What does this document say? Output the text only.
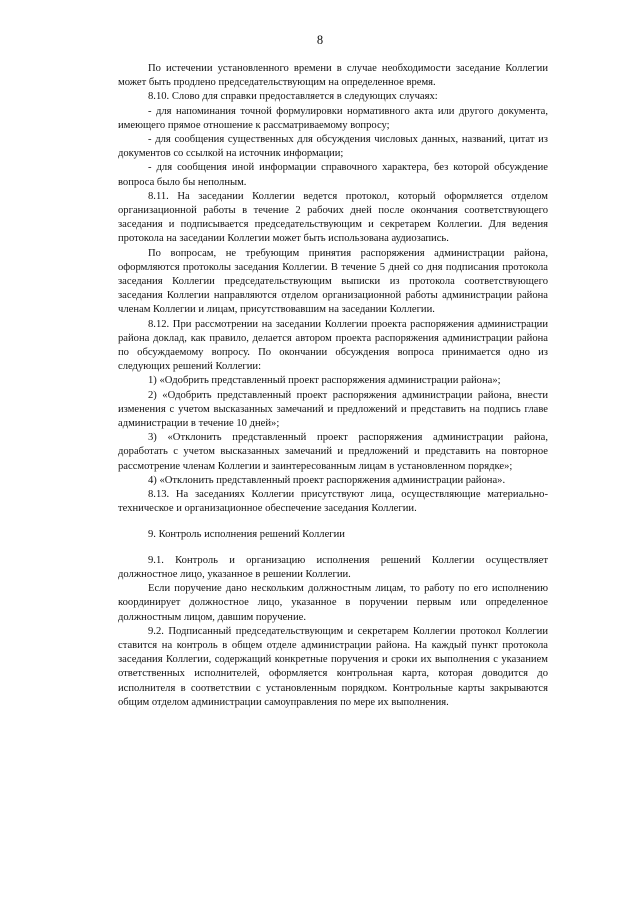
8

По истечении установленного времени в случае необходимости заседание Коллегии может быть продлено председательствующим на определенное время.

8.10. Слово для справки предоставляется в следующих случаях:

- для напоминания точной формулировки нормативного акта или другого документа, имеющего прямое отношение к рассматриваемому вопросу;

- для сообщения существенных для обсуждения числовых данных, названий, цитат из документов со ссылкой на источник информации;

- для сообщения иной информации справочного характера, без которой обсуждение вопроса было бы неполным.

8.11. На заседании Коллегии ведется протокол, который оформляется отделом организационной работы в течение 2 рабочих дней после окончания соответствующего заседания и подписывается председательствующим и секретарем Коллегии. Для ведения протокола на заседании Коллегии может быть использована аудиозапись.

По вопросам, не требующим принятия распоряжения администрации района, оформляются протоколы заседания Коллегии. В течение 5 дней со дня подписания протокола заседания Коллегии председательствующим выписки из протокола соответствующего заседания Коллегии направляются отделом организационной работы администрации района членам Коллегии и лицам, присутствовавшим на заседании Коллегии.

8.12. При рассмотрении на заседании Коллегии проекта распоряжения администрации района доклад, как правило, делается автором проекта распоряжения администрации района по обсуждаемому вопросу. По окончании обсуждения вопроса принимается одно из следующих решений Коллегии:

1) «Одобрить представленный проект распоряжения администрации района»;

2) «Одобрить представленный проект распоряжения администрации района, внести изменения с учетом высказанных замечаний и предложений и представить на подпись главе администрации в течение 10 дней»;

3) «Отклонить представленный проект распоряжения администрации района, доработать с учетом высказанных замечаний и предложений и представить на повторное рассмотрение членам Коллегии и заинтересованным лицам в установленном порядке»;

4) «Отклонить представленный проект распоряжения администрации района».

8.13. На заседаниях Коллегии присутствуют лица, осуществляющие материально-техническое и организационное обеспечение заседания Коллегии.

9. Контроль исполнения решений Коллегии

9.1. Контроль и организацию исполнения решений Коллегии осуществляет должностное лицо, указанное в решении Коллегии.

Если поручение дано нескольким должностным лицам, то работу по его исполнению координирует должностное лицо, указанное в поручении первым или определенное должностным лицом, давшим поручение.

9.2. Подписанный председательствующим и секретарем Коллегии протокол Коллегии ставится на контроль в общем отделе администрации района. На каждый пункт протокола заседания Коллегии, содержащий конкретные поручения и сроки их выполнения с указанием ответственных исполнителей, оформляется контрольная карта, которая доводится до исполнителя в соответствии с установленным порядком. Контрольные карты закрываются общим отделом администрации самоуправления по мере их выполнения.
